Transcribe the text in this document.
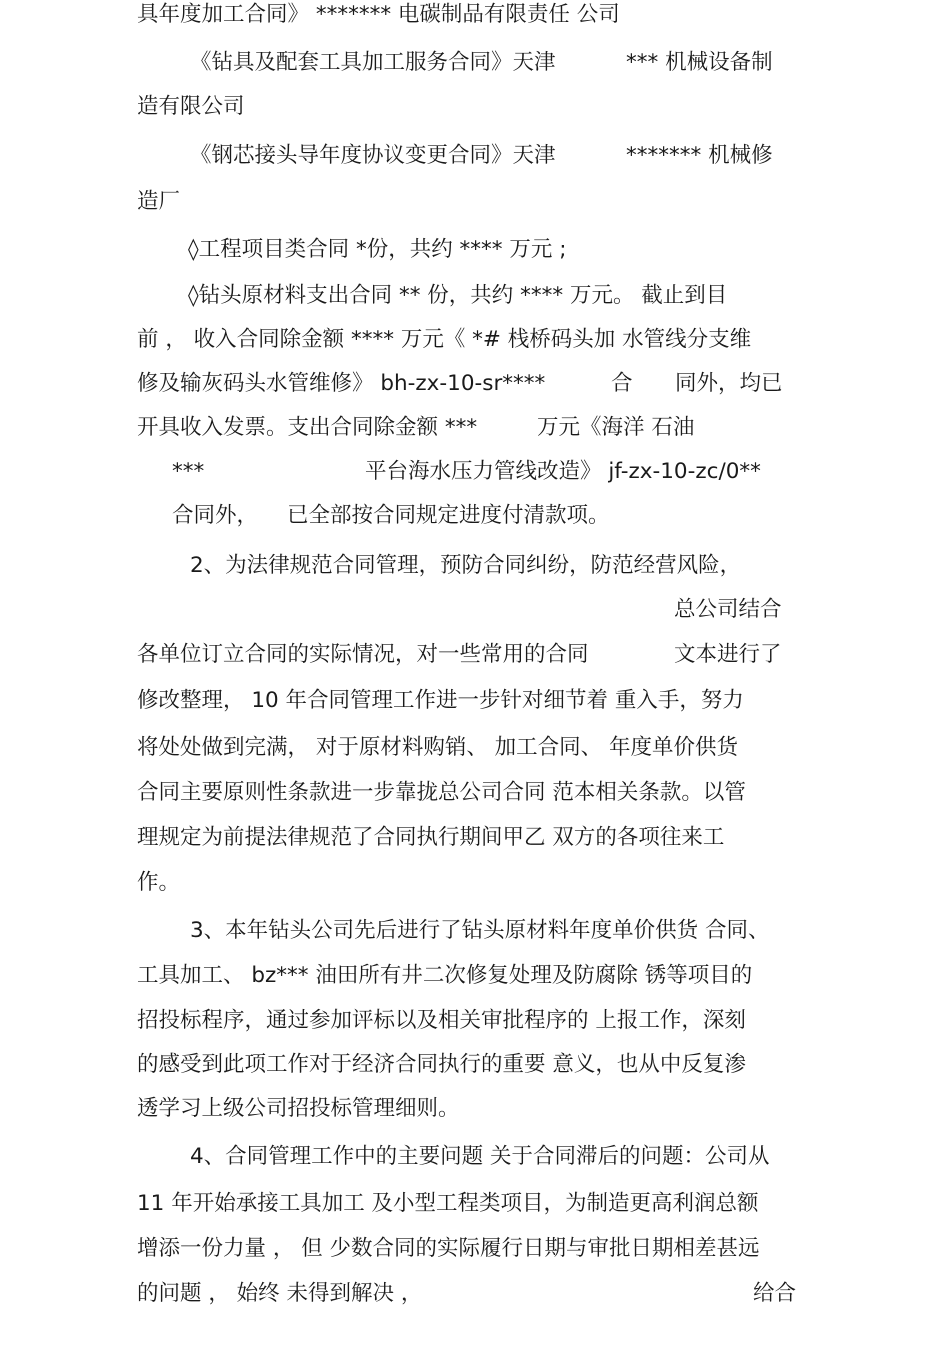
具年度加工合同》 ******* 电碳制品有限责任 公司
《钻具及配套工具加工服务合同》天津	*** 机械设备制
造有限公司
《钢芯接头导年度协议变更合同》天津	******* 机械修
造厂
◊工程项目类合同 *份，共约 **** 万元 ;
◊钻头原材料支出合同 ** 份，共约 **** 万元。 截止到目
前 ， 收入合同除金额 **** 万元《 *# 栈桥码头加 水管线分支维
修及输灰码头水管维修》 bh-zx-10-sr****	合 同外，均已
开具收入发票。支出合同除金额 ***	万元《海洋 石油
***	平台海水压力管线改造》 jf-zx-10-zc/0**
合同外， 已全部按合同规定进度付清款项。
2、为法律规范合同管理，预防合同纠纷，防范经营风险，
总公司结合
各单位订立合同的实际情况，对一些常用的合同	文本进行了
修改整理， 10 年合同管理工作进一步针对细节着 重入手，努力
将处处做到完满， 对于原材料购销、 加工合同、 年度单价供货
合同主要原则性条款进一步靠拢总公司合同 范本相关条款。以管
理规定为前提法律规范了合同执行期间甲乙 双方的各项往来工
作。
3、本年钻头公司先后进行了钻头原材料年度单价供货 合同、
工具加工、 bz*** 油田所有井二次修复处理及防腐除 锈等项目的
招投标程序，通过参加评标以及相关审批程序的 上报工作，深刻
的感受到此项工作对于经济合同执行的重要 意义，也从中反复渗
透学习上级公司招投标管理细则。
4、合同管理工作中的主要问题 关于合同滞后的问题：公司从
11 年开始承接工具加工 及小型工程类项目，为制造更高利润总额
增添一份力量 ， 但 少数合同的实际履行日期与审批日期相差甚远
的问题 ， 始终 未得到解决 ，	给合
